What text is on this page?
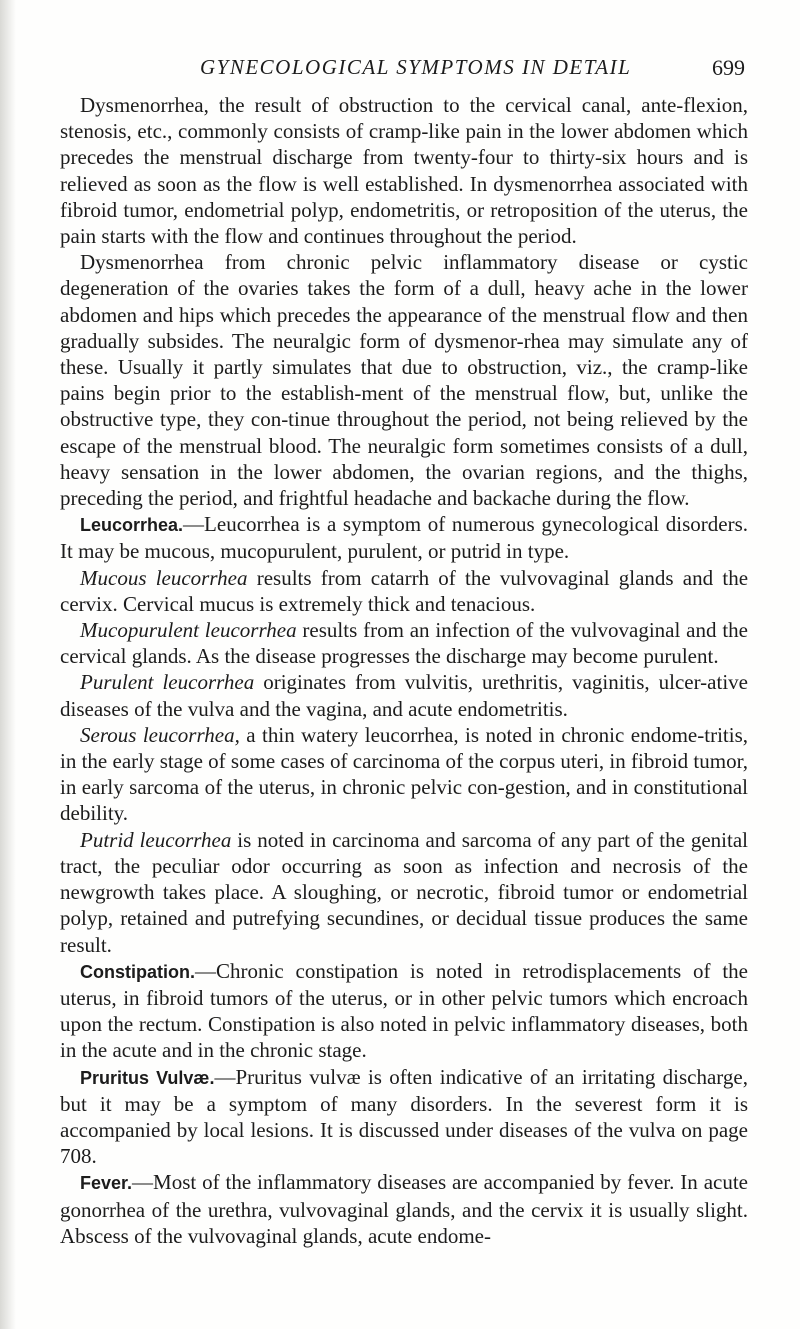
GYNECOLOGICAL SYMPTOMS IN DETAIL	699

Dysmenorrhea, the result of obstruction to the cervical canal, ante-flexion, stenosis, etc., commonly consists of cramp-like pain in the lower abdomen which precedes the menstrual discharge from twenty-four to thirty-six hours and is relieved as soon as the flow is well established. In dysmenorrhea associated with fibroid tumor, endometrial polyp, endometritis, or retroposition of the uterus, the pain starts with the flow and continues throughout the period.

Dysmenorrhea from chronic pelvic inflammatory disease or cystic degeneration of the ovaries takes the form of a dull, heavy ache in the lower abdomen and hips which precedes the appearance of the menstrual flow and then gradually subsides. The neuralgic form of dysmenor-rhea may simulate any of these. Usually it partly simulates that due to obstruction, viz., the cramp-like pains begin prior to the establish-ment of the menstrual flow, but, unlike the obstructive type, they con-tinue throughout the period, not being relieved by the escape of the menstrual blood. The neuralgic form sometimes consists of a dull, heavy sensation in the lower abdomen, the ovarian regions, and the thighs, preceding the period, and frightful headache and backache during the flow.

Leucorrhea.—Leucorrhea is a symptom of numerous gynecological disorders. It may be mucous, mucopurulent, purulent, or putrid in type.

Mucous leucorrhea results from catarrh of the vulvovaginal glands and the cervix. Cervical mucus is extremely thick and tenacious.

Mucopurulent leucorrhea results from an infection of the vulvovaginal and the cervical glands. As the disease progresses the discharge may become purulent.

Purulent leucorrhea originates from vulvitis, urethritis, vaginitis, ulcer-ative diseases of the vulva and the vagina, and acute endometritis.

Serous leucorrhea, a thin watery leucorrhea, is noted in chronic endome-tritis, in the early stage of some cases of carcinoma of the corpus uteri, in fibroid tumor, in early sarcoma of the uterus, in chronic pelvic con-gestion, and in constitutional debility.

Putrid leucorrhea is noted in carcinoma and sarcoma of any part of the genital tract, the peculiar odor occurring as soon as infection and necrosis of the newgrowth takes place. A sloughing, or necrotic, fibroid tumor or endometrial polyp, retained and putrefying secundines, or decidual tissue produces the same result.

Constipation.—Chronic constipation is noted in retrodisplacements of the uterus, in fibroid tumors of the uterus, or in other pelvic tumors which encroach upon the rectum. Constipation is also noted in pelvic inflammatory diseases, both in the acute and in the chronic stage.

Pruritus Vulvæ.—Pruritus vulvæ is often indicative of an irritating discharge, but it may be a symptom of many disorders. In the severest form it is accompanied by local lesions. It is discussed under diseases of the vulva on page 708.

Fever.—Most of the inflammatory diseases are accompanied by fever. In acute gonorrhea of the urethra, vulvovaginal glands, and the cervix it is usually slight. Abscess of the vulvovaginal glands, acute endome-
